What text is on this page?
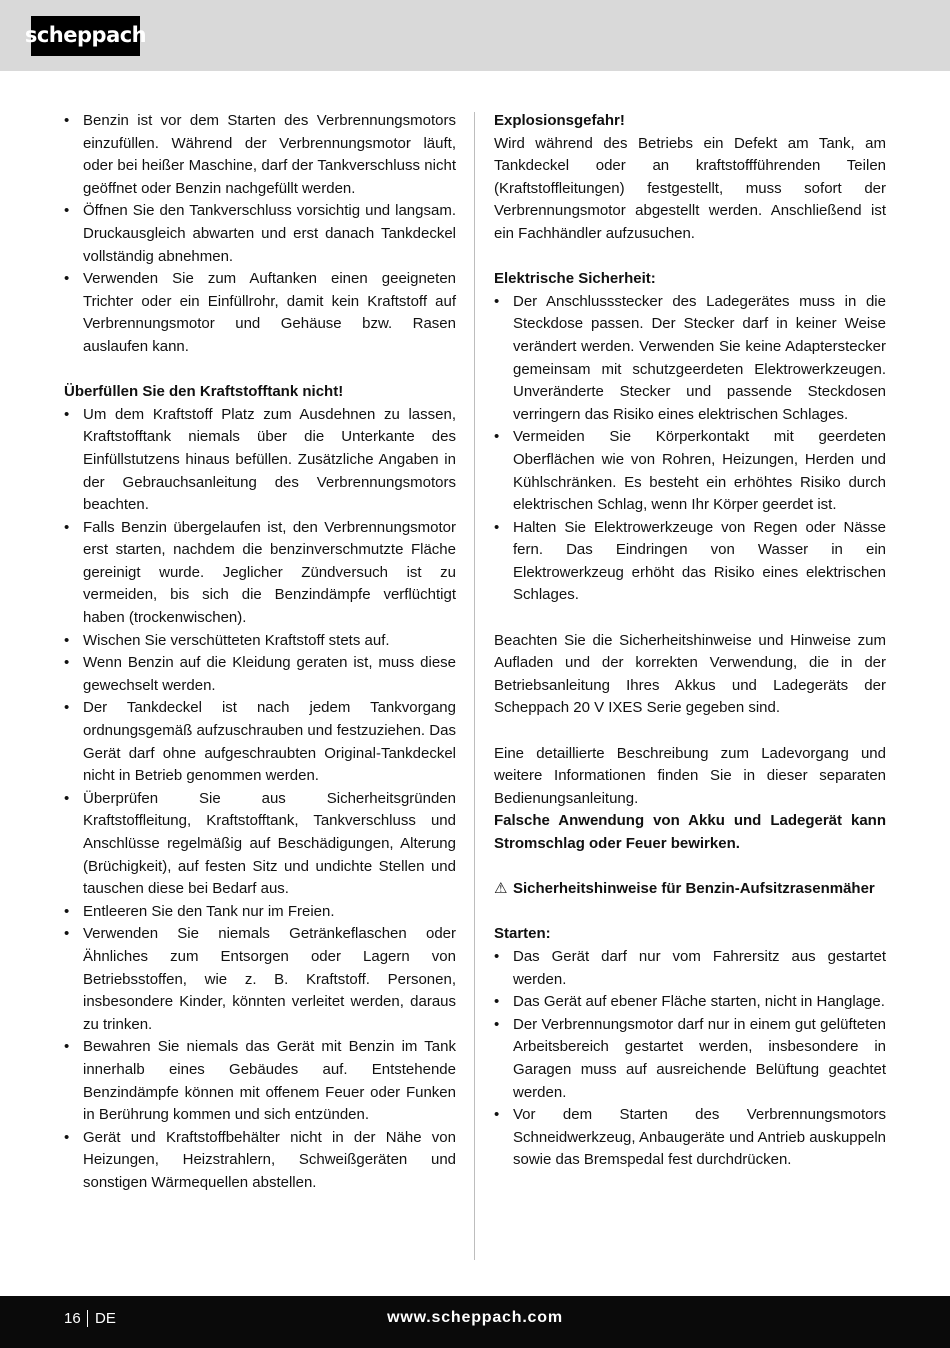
scheppach
• Benzin ist vor dem Starten des Verbrennungsmotors einzufüllen. Während der Verbrennungsmotor läuft, oder bei heißer Maschine, darf der Tankverschluss nicht geöffnet oder Benzin nachgefüllt werden.
• Öffnen Sie den Tankverschluss vorsichtig und langsam. Druckausgleich abwarten und erst danach Tankdeckel vollständig abnehmen.
• Verwenden Sie zum Auftanken einen geeigneten Trichter oder ein Einfüllrohr, damit kein Kraftstoff auf Verbrennungsmotor und Gehäuse bzw. Rasen auslaufen kann.

Überfüllen Sie den Kraftstofftank nicht!

• Um dem Kraftstoff Platz zum Ausdehnen zu lassen, Kraftstofftank niemals über die Unterkante des Einfüllstutzens hinaus befüllen. Zusätzliche Angaben in der Gebrauchsanleitung des Verbrennungsmotors beachten.
• Falls Benzin übergelaufen ist, den Verbrennungsmotor erst starten, nachdem die benzinverschmutzte Fläche gereinigt wurde. Jeglicher Zündversuch ist zu vermeiden, bis sich die Benzindämpfe verflüchtigt haben (trockenwischen).
• Wischen Sie verschütteten Kraftstoff stets auf.
• Wenn Benzin auf die Kleidung geraten ist, muss diese gewechselt werden.
• Der Tankdeckel ist nach jedem Tankvorgang ordnungsgemäß aufzuschrauben und festzuziehen. Das Gerät darf ohne aufgeschraubten Original-Tankdeckel nicht in Betrieb genommen werden.
• Überprüfen Sie aus Sicherheitsgründen Kraftstoffleitung, Kraftstofftank, Tankverschluss und Anschlüsse regelmäßig auf Beschädigungen, Alterung (Brüchigkeit), auf festen Sitz und undichte Stellen und tauschen diese bei Bedarf aus.
• Entleeren Sie den Tank nur im Freien.
• Verwenden Sie niemals Getränkeflaschen oder Ähnliches zum Entsorgen oder Lagern von Betriebsstoffen, wie z. B. Kraftstoff. Personen, insbesondere Kinder, könnten verleitet werden, daraus zu trinken.
• Bewahren Sie niemals das Gerät mit Benzin im Tank innerhalb eines Gebäudes auf. Entstehende Benzindämpfe können mit offenem Feuer oder Funken in Berührung kommen und sich entzünden.
• Gerät und Kraftstoffbehälter nicht in der Nähe von Heizungen, Heizstrahlern, Schweißgeräten und sonstigen Wärmequellen abstellen.

Explosionsgefahr!

Wird während des Betriebs ein Defekt am Tank, am Tankdeckel oder an kraftstoffführenden Teilen (Kraftstoffleitungen) festgestellt, muss sofort der Verbrennungsmotor abgestellt werden. Anschließend ist ein Fachhändler aufzusuchen.

Elektrische Sicherheit:

• Der Anschlussstecker des Ladegerätes muss in die Steckdose passen. Der Stecker darf in keiner Weise verändert werden. Verwenden Sie keine Adapterstecker gemeinsam mit schutzgeerdeten Elektrowerkzeugen. Unveränderte Stecker und passende Steckdosen verringern das Risiko eines elektrischen Schlages.
• Vermeiden Sie Körperkontakt mit geerdeten Oberflächen wie von Rohren, Heizungen, Herden und Kühlschränken. Es besteht ein erhöhtes Risiko durch elektrischen Schlag, wenn Ihr Körper geerdet ist.
• Halten Sie Elektrowerkzeuge von Regen oder Nässe fern. Das Eindringen von Wasser in ein Elektrowerkzeug erhöht das Risiko eines elektrischen Schlages.

Beachten Sie die Sicherheitshinweise und Hinweise zum Aufladen und der korrekten Verwendung, die in der Betriebsanleitung Ihres Akkus und Ladegeräts der Scheppach 20 V IXES Serie gegeben sind.

Eine detaillierte Beschreibung zum Ladevorgang und weitere Informationen finden Sie in dieser separaten Bedienungsanleitung.

Falsche Anwendung von Akku und Ladegerät kann Stromschlag oder Feuer bewirken.

⚠ Sicherheitshinweise für Benzin-Aufsitzrasenmäher

Starten:

• Das Gerät darf nur vom Fahrersitz aus gestartet werden.
• Das Gerät auf ebener Fläche starten, nicht in Hanglage.
• Der Verbrennungsmotor darf nur in einem gut gelüfteten Arbeitsbereich gestartet werden, insbesondere in Garagen muss auf ausreichende Belüftung geachtet werden.
• Vor dem Starten des Verbrennungsmotors Schneidwerkzeug, Anbaugeräte und Antrieb auskuppeln sowie das Bremspedal fest durchdrücken.
16 DE	www.scheppach.com
